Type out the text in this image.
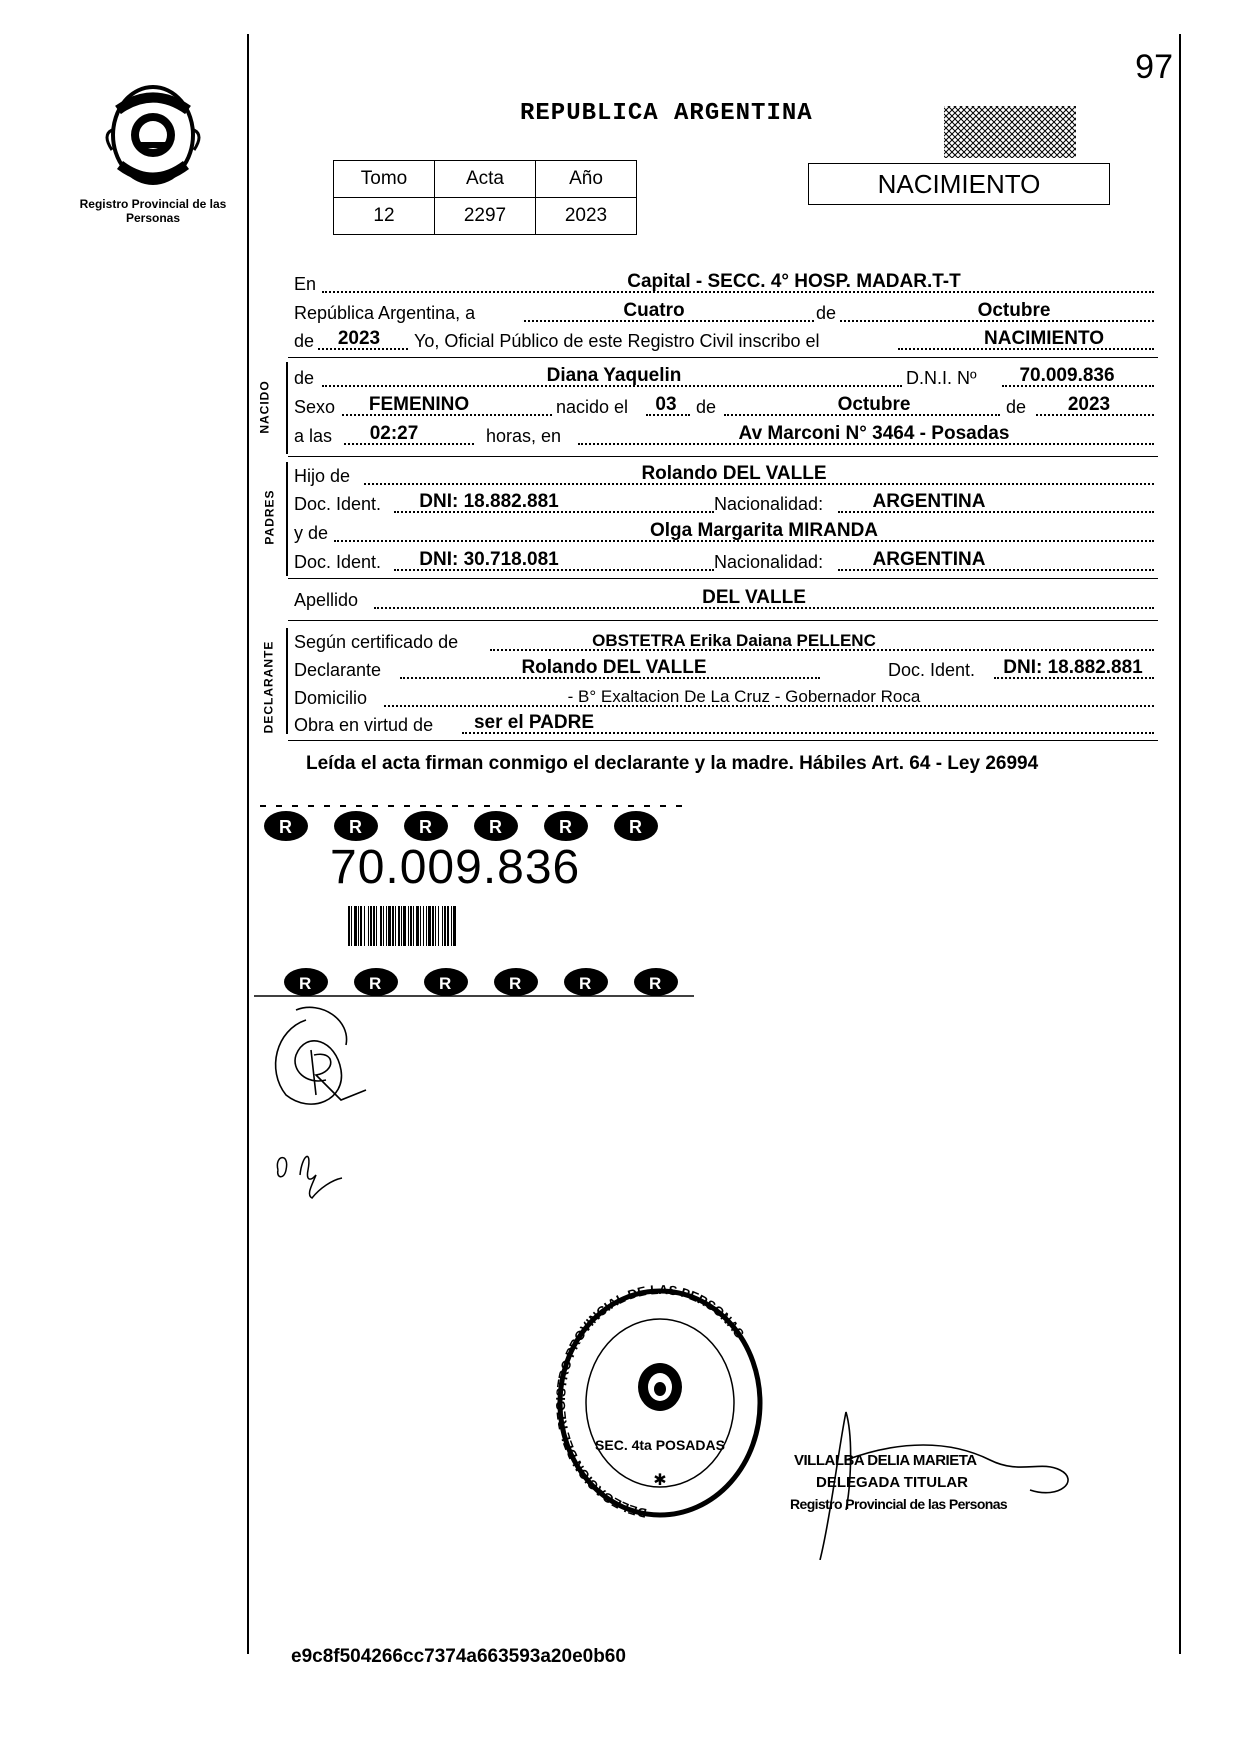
Registro Provincial de las Personas
97
REPUBLICA ARGENTINA
Tomo	Acta	Año
12	2297	2023
NACIMIENTO
En	Capital - SECC. 4° HOSP. MADAR.T-T
República Argentina, a	Cuatro	de	Octubre
de	2023	Yo, Oficial Público de este Registro Civil inscribo el	NACIMIENTO
NACIDO
de	Diana Yaquelin	D.N.I. Nº	70.009.836
Sexo	FEMENINO	nacido el	03	de	Octubre	de	2023
a las	02:27	horas, en	Av Marconi N° 3464 - Posadas
PADRES
Hijo de	Rolando DEL VALLE
Doc. Ident.	DNI: 18.882.881	Nacionalidad:	ARGENTINA
y de	Olga Margarita MIRANDA
Doc. Ident.	DNI: 30.718.081	Nacionalidad:	ARGENTINA
Apellido	DEL VALLE
DECLARANTE Según certificado de	OBSTETRA Erika Daiana PELLENC
Declarante	Rolando DEL VALLE	Doc. Ident.	DNI: 18.882.881
Domicilio	- B° Exaltacion De La Cruz - Gobernador Roca
Obra en virtud de	ser el PADRE
Leída el acta firman conmigo el declarante y la madre. Hábiles Art. 64 - Ley 26994
R	R	R	R	R	R
70.009.836
R	R	R	R	R	R
DELEGACION DEL REGISTRO PROVINCIAL DE LAS PERSONAS
SEC. 4ta POSADAS
✱
VILLALBA DELIA MARIETA
DELEGADA TITULAR
Registro Provincial de las Personas
e9c8f504266cc7374a663593a20e0b60
